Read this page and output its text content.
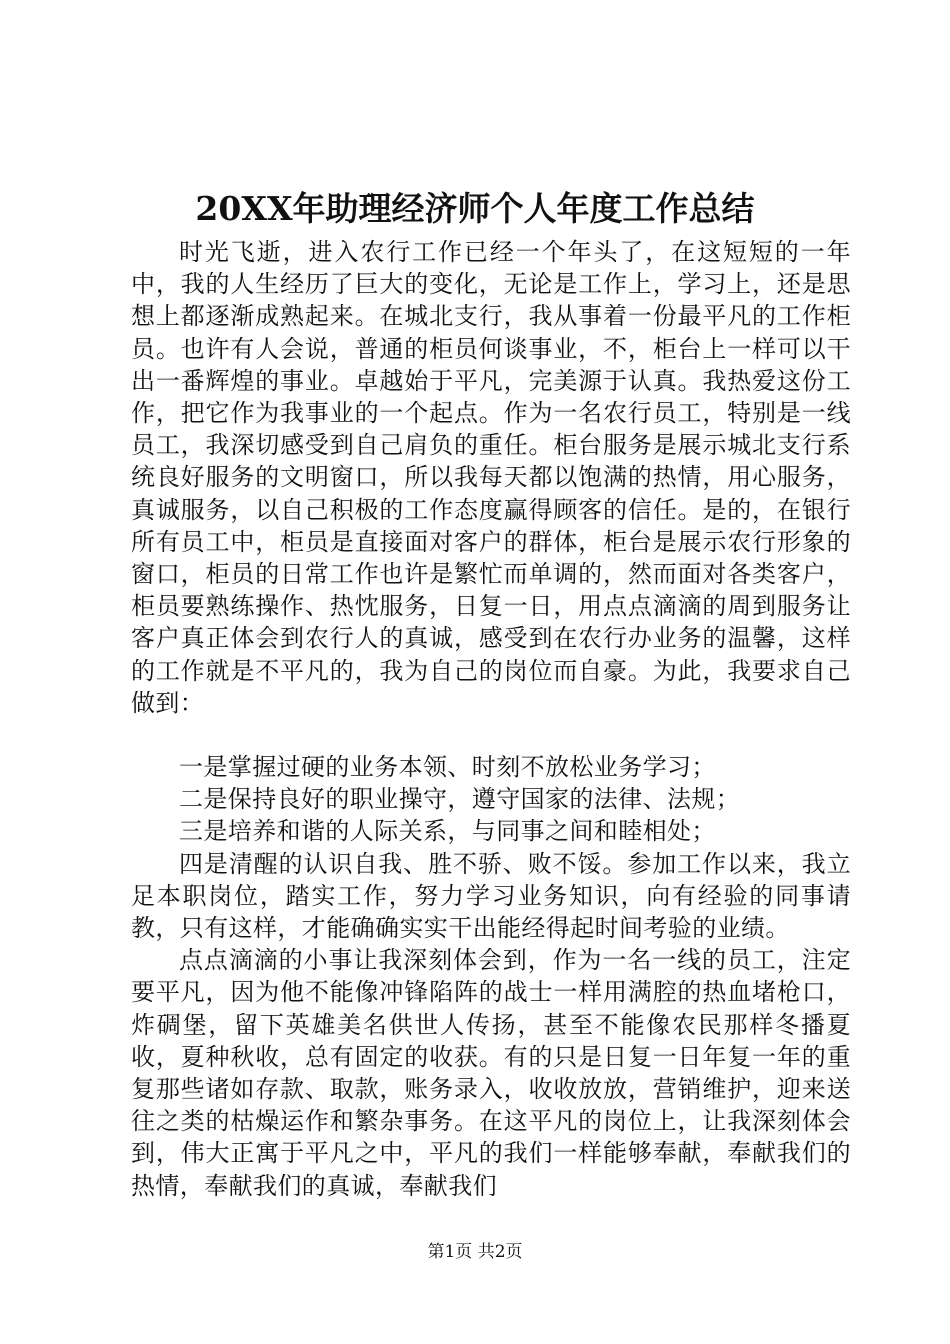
20XX年助理经济师个人年度工作总结

时光飞逝，进入农行工作已经一个年头了，在这短短的一年中，我的人生经历了巨大的变化，无论是工作上，学习上，还是思想上都逐渐成熟起来。在城北支行，我从事着一份最平凡的工作柜员。也许有人会说，普通的柜员何谈事业，不，柜台上一样可以干出一番辉煌的事业。卓越始于平凡，完美源于认真。我热爱这份工作，把它作为我事业的一个起点。作为一名农行员工，特别是一线员工，我深切感受到自己肩负的重任。柜台服务是展示城北支行系统良好服务的文明窗口，所以我每天都以饱满的热情，用心服务，真诚服务，以自己积极的工作态度赢得顾客的信任。是的，在银行所有员工中，柜员是直接面对客户的群体，柜台是展示农行形象的窗口，柜员的日常工作也许是繁忙而单调的，然而面对各类客户，柜员要熟练操作、热忱服务，日复一日，用点点滴滴的周到服务让客户真正体会到农行人的真诚，感受到在农行办业务的温馨，这样的工作就是不平凡的，我为自己的岗位而自豪。为此，我要求自己做到：

一是掌握过硬的业务本领、时刻不放松业务学习；

二是保持良好的职业操守，遵守国家的法律、法规；

三是培养和谐的人际关系，与同事之间和睦相处；

四是清醒的认识自我、胜不骄、败不馁。参加工作以来，我立足本职岗位，踏实工作，努力学习业务知识，向有经验的同事请教，只有这样，才能确确实实干出能经得起时间考验的业绩。

点点滴滴的小事让我深刻体会到，作为一名一线的员工，注定要平凡，因为他不能像冲锋陷阵的战士一样用满腔的热血堵枪口，炸碉堡，留下英雄美名供世人传扬，甚至不能像农民那样冬播夏收，夏种秋收，总有固定的收获。有的只是日复一日年复一年的重复那些诸如存款、取款，账务录入，收收放放，营销维护，迎来送往之类的枯燥运作和繁杂事务。在这平凡的岗位上，让我深刻体会到，伟大正寓于平凡之中，平凡的我们一样能够奉献，奉献我们的热情，奉献我们的真诚，奉献我们

第1页 共2页
